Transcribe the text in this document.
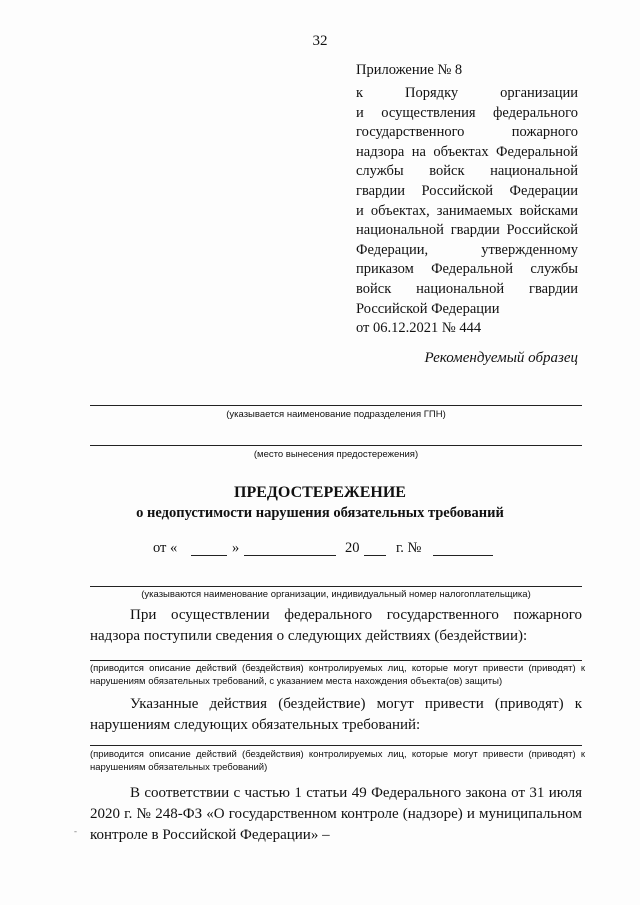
32
Приложение № 8
к Порядку организации
и осуществления федерального
государственного пожарного
надзора на объектах Федеральной
службы войск национальной
гвардии Российской Федерации
и объектах, занимаемых войсками
национальной гвардии Российской
Федерации, утвержденному
приказом Федеральной службы
войск национальной гвардии
Российской Федерации
от 06.12.2021 № 444
Рекомендуемый образец
(указывается наименование подразделения ГПН)
(место вынесения предостережения)
ПРЕДОСТЕРЕЖЕНИЕ
о недопустимости нарушения обязательных требований
от «	»	20	г. №
(указываются наименование организации, индивидуальный номер налогоплательщика)
При осуществлении федерального государственного пожарного надзора поступили сведения о следующих действиях (бездействии):
(приводится описание действий (бездействия) контролируемых лиц, которые могут привести (приводят) к нарушениям обязательных требований, с указанием места нахождения объекта(ов) защиты)
Указанные действия (бездействие) могут привести (приводят) к нарушениям следующих обязательных требований:
(приводится описание действий (бездействия) контролируемых лиц, которые могут привести (приводят) к нарушениям обязательных требований)
В соответствии с частью 1 статьи 49 Федерального закона от 31 июля 2020 г. № 248-ФЗ «О государственном контроле (надзоре) и муниципальном контроле в Российской Федерации» –
-
